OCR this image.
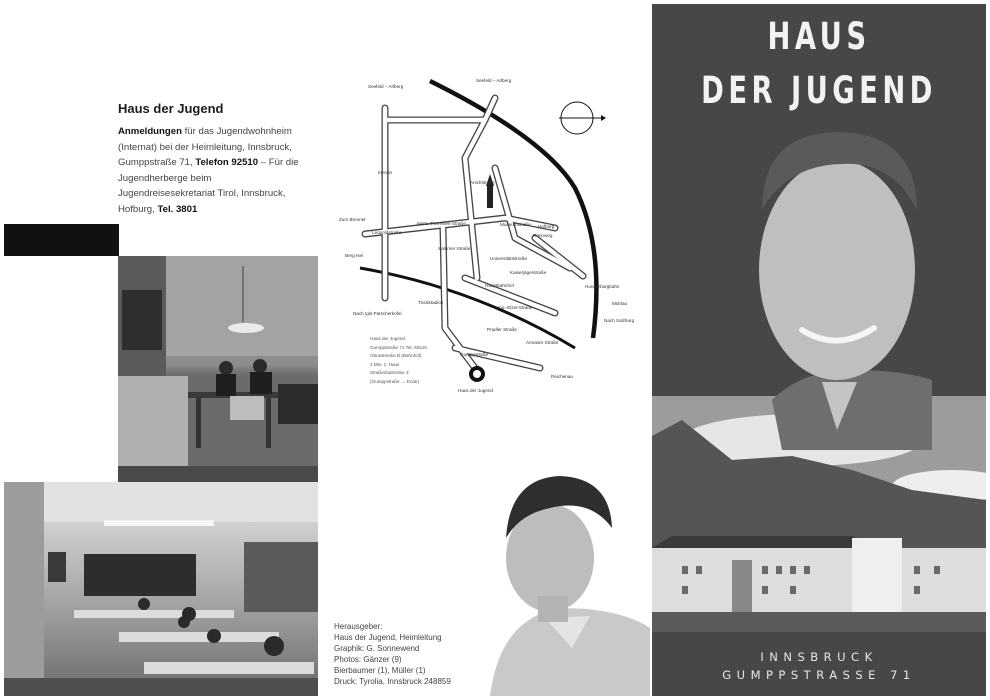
Haus der Jugend
Anmeldungen für das Jugendwohnheim (Internat) bei der Heimleitung, Innsbruck, Gumppstraße 71, Telefon 92510 – Für die Jugendherberge beim Jugendreisesekretariat Tirol, Innsbruck, Hofburg, Tel. 3801
Haus der Jugend
Gumppstraße 71 Tel. 92510
Obusstrecke B (Bahnhof)
1 Min. z. Haus
Straßenbahnlinie 3
(Gumppstraße → Ende)
Seefeld – Arlberg
Seefeld – Arlberg
Zum Brenner
Berg Isel
Nach Igls-Patscherkofel
Hungerburgbahn
Mühlau
Nach Salzburg
Reichenau
Maria-Theresien-Straße
Leopoldstraße
Hofburg
Rennweg
Salurner Straße
Museumstraße
Hauptbahnhof
Tivolistadion
Pradler Straße
Amraser Straße
Gumppstraße
Innrain
Anichstraße
Kaiserjägerstraße
Universitätsstraße
Ing.-Etzel-Straße
Haus der Jugend
Herausgeber:
Haus der Jugend, Heimleitung
Graphik: G. Sonnewend
Photos: Gänzer (9)
Bierbaumer (1), Müller (1)
Druck: Tyrolia, Innsbruck 248859
HAUS
DER JUGEND
INNSBRUCK
GUMPPSTRASSE 71
